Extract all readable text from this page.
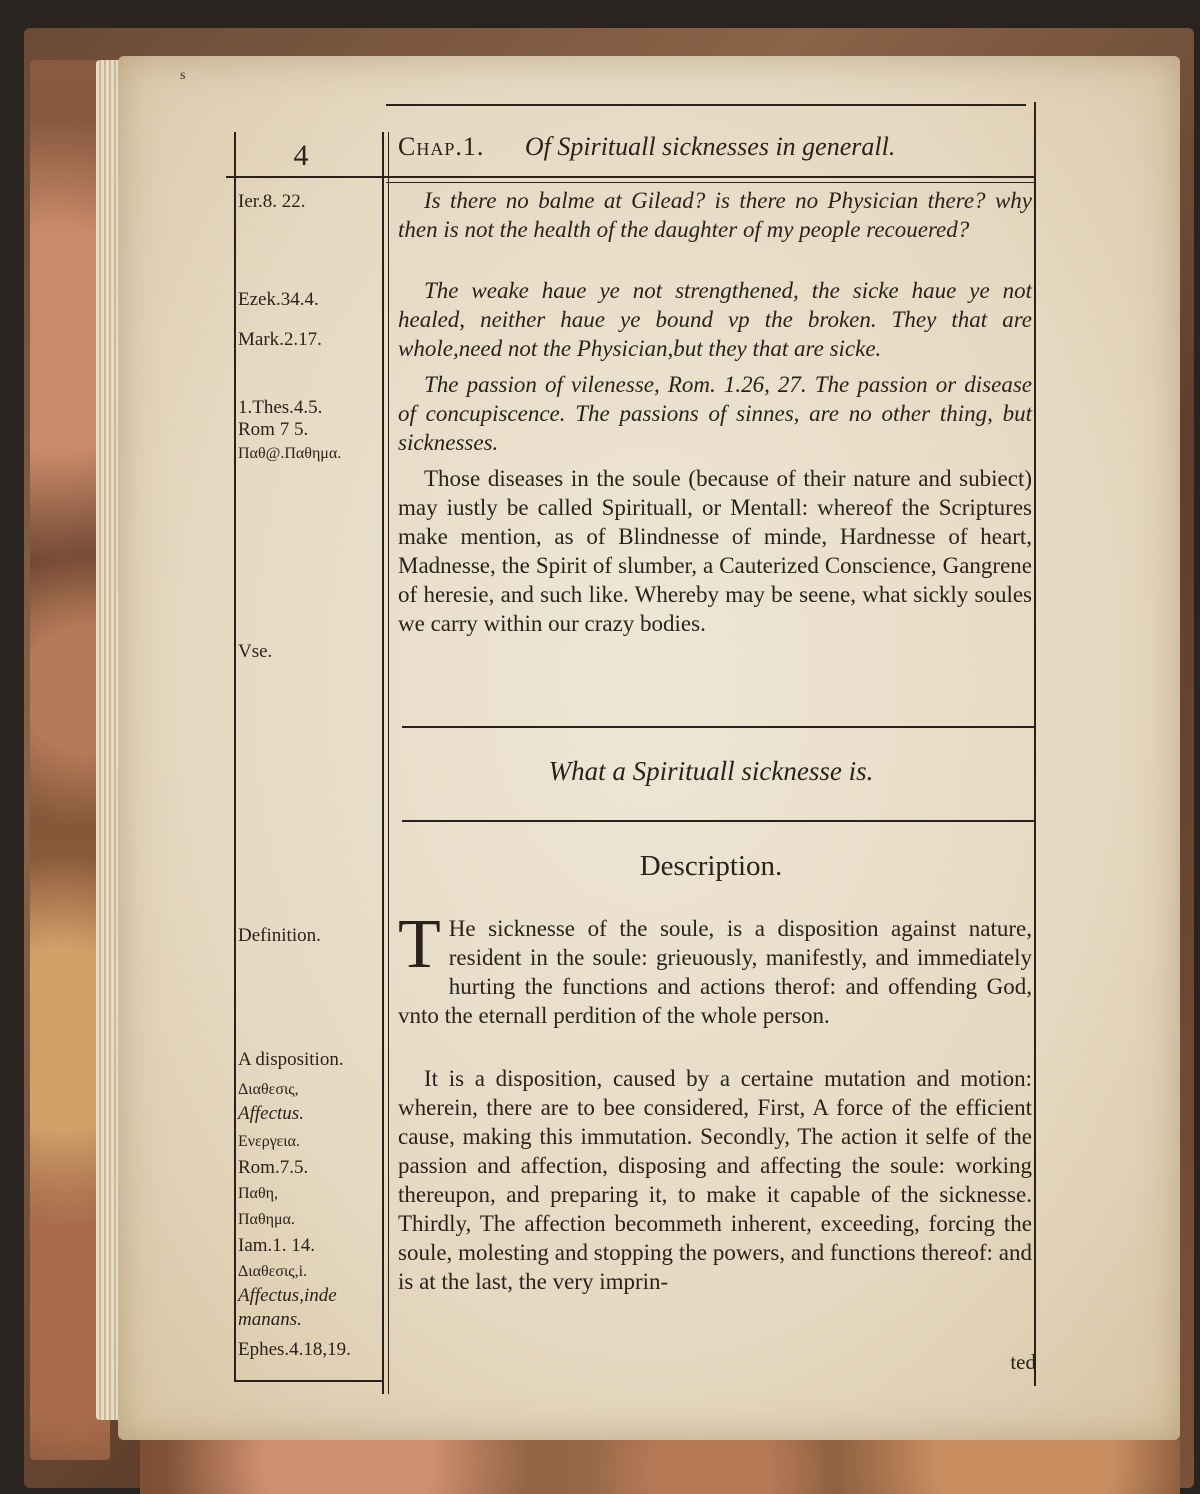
s
4	Chap.1. Of Spirituall sicknesses in generall.
Ier.8. 22.
Ezek.34.4.
Mark.2.17.
1.Thes.4.5.
Rom 7 5.
Παθ@.Παθημα.
Vse.
Definition.
A disposition.
Διαθεσις,
Affectus.
Ενεργεια.
Rom.7.5.
Παθη,
Παθημα.
Iam.1. 14.
Διαθεσις,i.
Affectus,inde
manans.
Ephes.4.18,19.

Is there no balme at Gilead? is there no Physician there? why then is not the health of the daughter of my people recouered?

The weake haue ye not strengthened, the sicke haue ye not healed, neither haue ye bound vp the broken. They that are whole,need not the Physician,but they that are sicke.

The passion of vilenesse, Rom. 1.26, 27. The passion or disease of concupiscence. The passions of sinnes, are no other thing, but sicknesses.

Those diseases in the soule (because of their nature and subiect) may iustly be called Spirituall, or Mentall: whereof the Scriptures make mention, as of Blindnesse of minde, Hardnesse of heart, Madnesse, the Spirit of slumber, a Cauterized Conscience, Gangrene of heresie, and such like. Whereby may be seene, what sickly soules we carry within our crazy bodies.

What a Spirituall sicknesse is.
Description.

T He sicknesse of the soule, is a disposition against nature, resident in the soule: grieuously, manifestly, and immediately hurting the functions and actions therof: and offending God, vnto the eternall perdition of the whole person.

It is a disposition, caused by a certaine mutation and motion: wherein, there are to bee considered, First, A force of the efficient cause, making this immutation. Secondly, The action it selfe of the passion and affection, disposing and affecting the soule: working thereupon, and preparing it, to make it capable of the sicknesse. Thirdly, The affection becommeth inherent, exceeding, forcing the soule, molesting and stopping the powers, and functions thereof: and is at the last, the very imprin-

ted
